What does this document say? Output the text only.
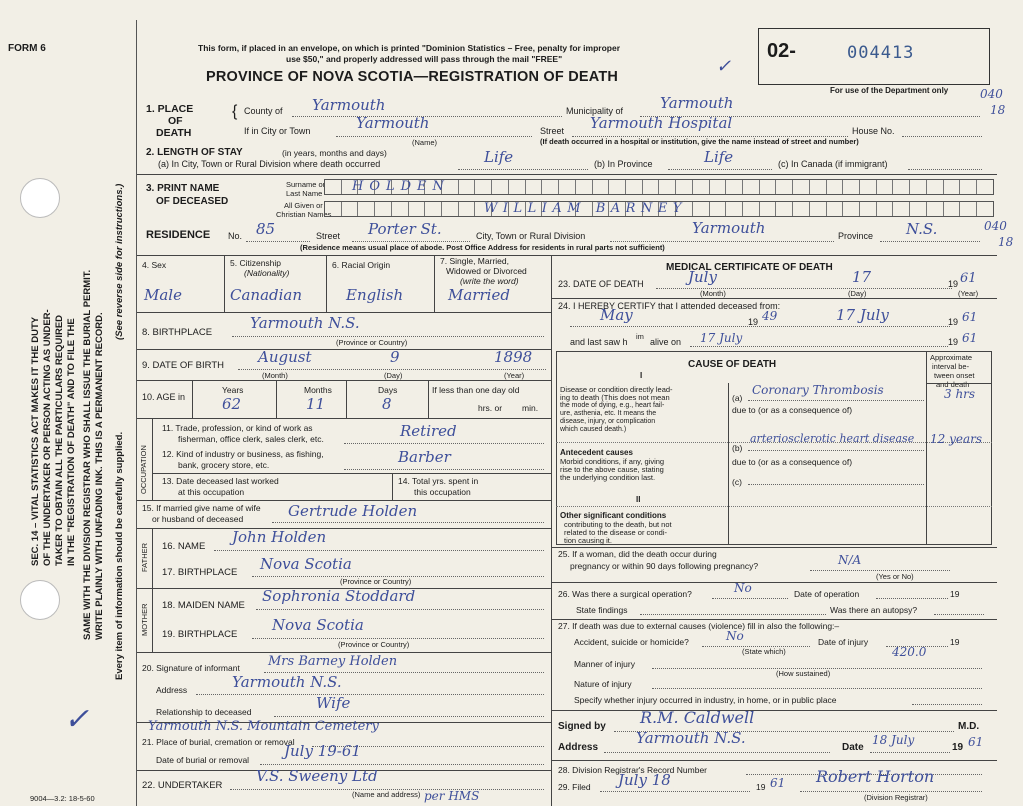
FORM 6	This form, if placed in an envelope, on which is printed "Dominion Statistics – Free, penalty for improper
use $50," and properly addressed will pass through the mail "FREE"
PROVINCE OF NOVA SCOTIA—REGISTRATION OF DEATH
02-	004413
For use of the Department only	040
18
✓
SEC. 14 – VITAL STATISTICS ACT MAKES IT THE DUTY OF THE UNDERTAKER OR PERSON ACTING AS UNDER- TAKER TO OBTAIN ALL THE PARTICULARS REQUIRED IN THE "REGISTRATION OF DEATH" AND TO FILE THE SAME WITH THE DIVISION REGISTRAR WHO SHALL ISSUE THE BURIAL PERMIT. WRITE PLAINLY WITH UNFADING INK. THIS IS A PERMANENT RECORD.
(See reverse side for instructions.)
Every item of information should be carefully supplied.
✓
9004—3.2: 18-5-60
1. PLACE
OF
DEATH
{ County of Yarmouth	Municipality of Yarmouth
If in City or Town	Yarmouth
(Name)
Street Yarmouth Hospital	House No.
(If death occurred in a hospital or institution, give the name instead of street and number)
2. LENGTH OF STAY	(in years, months and days)
(a) In City, Town or Rural Division where death occurred	Life	(b) In Province	Life	(c) In Canada (if immigrant)
3. PRINT NAME
OF DECEASED
Surname or
Last Name
All Given or
Christian Names
HOLDEN
WILLIAM BARNEY
RESIDENCE No. 85	Street Porter St.	City, Town or Rural Division	Yarmouth	Province N.S.	040
18
(Residence means usual place of abode. Post Office Address for residents in rural parts not sufficient)
4. Sex
Male
5. Citizenship
(Nationality)
Canadian
6. Racial Origin
English
7. Single, Married,
Widowed or Divorced
(write the word)
Married
8. BIRTHPLACE
Yarmouth N.S.
(Province or Country)
9. DATE OF BIRTH August	9	1898
(Month)	(Day)	(Year)
10. AGE in
Years	Months	Days
62	11	8
If less than one day old
hrs. or min.
OCCUPATION
11. Trade, profession, or kind of work as
fisherman, office clerk, sales clerk, etc.	Retired
12. Kind of industry or business, as fishing,
bank, grocery store, etc.	Barber
13. Date deceased last worked
at this occupation
14. Total yrs. spent in
this occupation
15. If married give name of wife
or husband of deceased	Gertrude Holden
FATHER 16. NAME
John Holden
17. BIRTHPLACE Nova Scotia
(Province or Country)
MOTHER 18. MAIDEN NAME
Sophronia Stoddard
19. BIRTHPLACE
Nova Scotia
(Province or Country)
20. Signature of informant Mrs Barney Holden
Address	Yarmouth N.S.
Relationship to deceased	Wife
Yarmouth N.S. Mountain Cemetery
21. Place of burial, cremation or removal
Date of burial or removal July 19-61
22. UNDERTAKER
V.S. Sweeny Ltd
(Name and address) per HMS
MEDICAL CERTIFICATE OF DEATH
23. DATE OF DEATH	July	17	19 61
(Month)	(Day)	(Year)
24. I HEREBY CERTIFY that I attended deceased from:
May	19 49	17 July	19 61
and last saw h
im
alive on 17 July	19 61
CAUSE OF DEATH
Approximate
interval be-
tween onset
and death
I
Disease or condition directly lead-
ing to death (This does not mean
the mode of dying, e.g., heart fail-
ure, asthenia, etc. It means the
disease, injury, or complication
which caused death.)
(a)
Coronary Thrombosis	3 hrs
due to (or as a consequence of)
Antecedent causes
Morbid conditions, if any, giving
rise to the above cause, stating
the underlying condition last.
(b)
arteriosclerotic heart disease 12 years
due to (or as a consequence of)
(c)
II
Other significant conditions
contributing to the death, but not
related to the disease or condi-
tion causing it.
25. If a woman, did the death occur during
pregnancy or within 90 days following pregnancy?	N/A
(Yes or No)
26. Was there a surgical operation?	No	Date of operation	19
State findings	Was there an autopsy?
27. If death was due to external causes (violence) fill in also the following:–
Accident, suicide or homicide?	No
(State which)
Date of injury	19
420.0
Manner of injury
(How sustained)
Nature of injury
Specify whether injury occurred in industry, in home, or in public place
Signed by R.M. Caldwell	M.D.
Address
Yarmouth N.S.
Date
18 July
19 61
28. Division Registrar's Record Number
29. Filed July 18	19 61 Robert Horton
(Division Registrar)
